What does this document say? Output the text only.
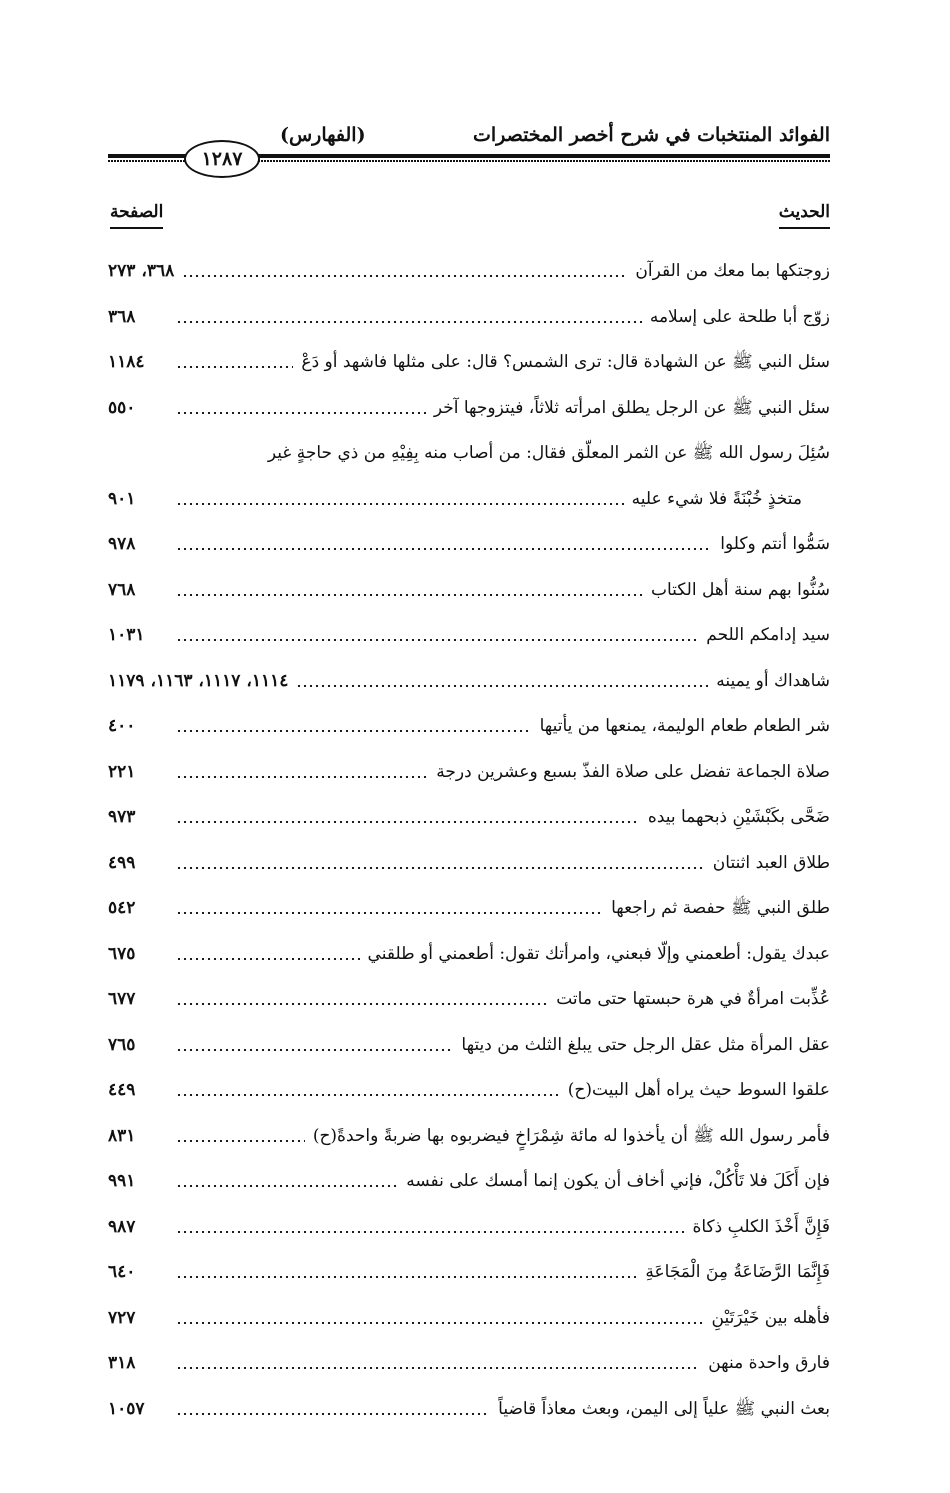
الفوائد المنتخبات في شرح أخصر المختصرات
(الفهارس)
١٢٨٧
الحديث
الصفحة
زوجتكها بما معك من القرآن
٣٦٨، ٢٧٣
زوّج أبا طلحة على إسلامه
٣٦٨
سئل النبي ﷺ عن الشهادة قال: ترى الشمس؟ قال: على مثلها فاشهد أو دَعْ
١١٨٤
سئل النبي ﷺ عن الرجل يطلق امرأته ثلاثاً، فيتزوجها آخر
٥٥٠
سُئِلَ رسول الله ﷺ عن الثمر المعلّق فقال: من أصاب منه بِفِيْهِ من ذي حاجةٍ غير
متخذٍ خُبْنَةً فلا شيء عليه
٩٠١
سَمُّوا أنتم وكلوا
٩٧٨
سُنُّوا بهم سنة أهل الكتاب
٧٦٨
سيد إدامكم اللحم
١٠٣١
شاهداك أو يمينه
١١١٤، ١١١٧، ١١٦٣، ١١٧٩
شر الطعام طعام الوليمة، يمنعها من يأتيها
٤٠٠
صلاة الجماعة تفضل على صلاة الفذّ بسبع وعشرين درجة
٢٢١
ضَحَّى بكَبْشَيْنِ ذبحهما بيده
٩٧٣
طلاق العبد اثنتان
٤٩٩
طلق النبي ﷺ حفصة ثم راجعها
٥٤٢
عبدك يقول: أطعمني وإلّا فبعني، وامرأتك تقول: أطعمني أو طلقني
٦٧٥
عُذِّبت امرأةٌ في هرة حبستها حتى ماتت
٦٧٧
عقل المرأة مثل عقل الرجل حتى يبلغ الثلث من ديتها
٧٦٥
علقوا السوط حيث يراه أهل البيت(ح)
٤٤٩
فأمر رسول الله ﷺ أن يأخذوا له مائة شِمْرَاخٍ فيضربوه بها ضربةً واحدةً(ح)
٨٣١
فإن أَكَلَ فلا تَأْكُلْ، فإني أخاف أن يكون إنما أمسك على نفسه
٩٩١
فَإِنَّ أَخْذَ الكلبِ ذكاة
٩٨٧
فَإِنَّمَا الرَّضَاعَةُ مِنَ الْمَجَاعَةِ
٦٤٠
فأهله بين خَيْرَتَيْنِ
٧٢٧
فارق واحدة منهن
٣١٨
بعث النبي ﷺ علياً إلى اليمن، وبعث معاذاً قاضياً
١٠٥٧
